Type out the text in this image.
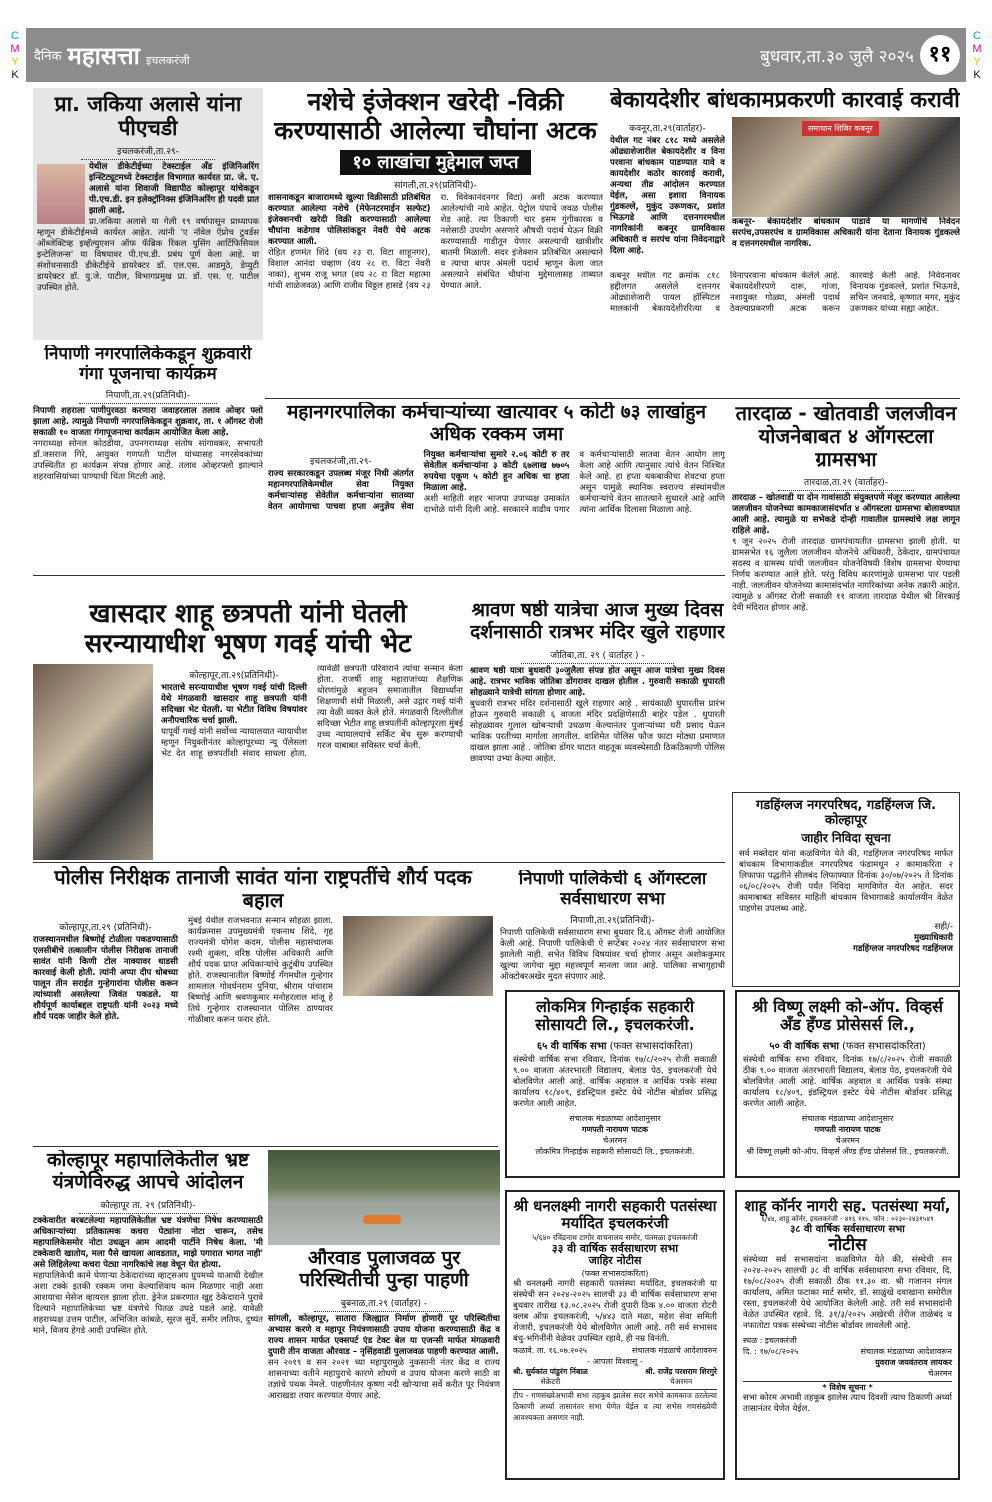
C
M
Y
K
C
M
Y
K
दैनिक महासत्ता इचलकरंजी	बुधवार,ता.३० जुलै २०२५ ११
प्रा. जकिया अलासे यांना पीएचडी
इचलकरंजी,ता.२९-
येथील डीकेटीईच्या टेक्स्टाईल अँड इंजिनिअरिंग इन्स्टिट्यूटमध्ये टेक्स्टाईल विभागात कार्यरत प्रा. जे. ए. अलासे यांना शिवाजी विद्यापीठ कोल्हापूर यांचेकडून पी.एच.डी. इन इलेक्ट्रॉनिक्स इंजिनिअरिंग ही पदवी प्रात झाली आहे.
प्रा.जकिया अलासे या गेली १९ वर्षापासून प्राध्यापक म्हणून डीकेटीईमध्ये कार्यरत आहेत. त्यांनी 'ए नॉवेल ऍप्रोच टुवर्डस ऑब्जेक्टिव्ह इव्हॅल्युएशन ऑफ फॅब्रिक रिंकल युसिंग आर्टिफिसियल इन्टेलिजन्स' या विषयावर पी.एच.डी. प्रबंध पूर्ण केला आहे. या संशोधनासाठी डीकेटीईचे डायरेक्टर डॉ. एल.एस. आडमुठे, डेप्युटी डायरेक्टर डॉ. यु.जे. पाटील, विभागप्रमुख प्रा. डॉ. एस. ए. पाटील उपस्थित होते.
निपाणी नगरपालिकेकडून शुक्रवारी गंगा पूजनाचा कार्यक्रम
निपाणी,ता.२९(प्रतिनिधी)-
निपाणी शहराला पाणीपुरवठा करणारा जवाहरलाल तलाव ओव्हर फ्लो झाला आहे. त्यामुळे निपाणी नगरपालिकेकडून शुक्रवार, ता. १ ऑगस्ट रोजी सकाळी १० वाजता गंगापूजनाचा कार्यक्रम आयोजित केला आहे.
नगराध्यक्ष सोनल कोठडीया, उपनगराध्यक्ष संतोष सांगावकर, सभापती डॉ.जसराज गिरे, आयुक्त गणपती पाटील यांच्यासह नगरसेवकांच्या उपस्थितीत हा कार्यक्रम संपन्न होणार आहे. तलाव ओव्हरफ्लो झाल्याने शहरवासियांच्या पाण्याची चिंता मिटली आहे.
नशेचे इंजेक्शन खरेदी -विक्री करण्यासाठी आलेल्या चौघांना अटक
१० लाखांचा मुद्देमाल जप्त
सांगली,ता.२९(प्रतिनिधी)-
शासनाकडून बाजारामध्ये खुल्या विक्रीसाठी प्रतिबंधित करण्यात आलेल्या नशेचे (मेफेनटरमाईन सल्फेट) इंजेक्शनची खरेदी विक्री करण्यासाठी आलेल्या चौघांना कडेगाव पोलिसांकडून नेवरी येथे अटक करण्यात आली.
रोहित हणमंत शिंदे (वय २३ रा. विटा शाहूनगर), विशाल आनंदा चव्हाण (वय २८ रा. विटा नेवरी नाका), शुभम राजू भगत (वय २८ रा विटा महात्मा गांधी शाळेजवळ) आणि राजीव विठ्ठल हासडे (वय २३ रा. विवेकानंदनगर विटा) अशी अटक करण्यात आलेल्यांची नावे आहेत. पेट्रोल पंपाचे जवळ पोलीस शेड आहे. त्या ठिकाणी चार इसम गुंगीकारक व नशेसाठी उपयोग असणारे औषधी पदार्थ घेऊन विक्री करण्यासाठी गाडीतून येणार असल्याची खात्रीशीर बातमी मिळाली. सदर इंजेक्शन प्रतिबंधित असल्याने व त्याचा बापर अंमली पदार्थ म्हणून केला जात असल्याने संबंधित चौघांना मुद्देमालासह ताब्यात घेण्यात आले.
बेकायदेशीर बांधकामप्रकरणी कारवाई करावी
कवनूर,ता.२९(वार्ताहर)-
येथील गट नंबर ८१८ मध्ये असलेले ओढ्याशेजारील बेकायदेशीर व विना परवाना बांधकाम पाडण्यात यावे व कायदेशीर कठोर कारवाई करावी, अन्यथा तीव्र आंदोलन करण्यात येईल, असा इशारा विनायक गुंडकल्ले, मुकुंद उरूणकर, प्रशांत भिऊगडे आणि दत्तनगरमधील नागरिकांनी कबनूर ग्रामविकास अधिकारी व सरपंच यांना निवेदनाद्वारे दिला आहे.
समाधान शिबिर कबनूर
कबनूर- बेकायदेशीर बांधकाम पाडावे या मागणीचे निवेदन सरपंच,उपसरपंच व ग्रामविकास अधिकारी यांना देताना विनायक गुंडकल्ले व दत्तनगरमधील नागरिक.
कबनूर मधील गट क्रमांक ८१८ हद्दीलगत असलेले दत्तनगर ओढ्याशेजारी पायल हॉस्पिटल मालकांनी बेकायदेशीररित्या व विनापरवाना बांधकाम केलेले आहे. बेकायदेशीरपणे दारू, गांजा, नशायुक्त गोळ्या, अंमली पदार्थ ठेवल्याप्रकरणी अटक करून कारवाई केली आहे. निवेदनावर विनायक गुंडकल्ले, प्रशांत भिऊगडे, सचिन जनवाडे, कृष्णात मगर, मुकुंद उरूणकर यांच्या सह्या आहेत.
महानगरपालिका कर्मचाऱ्यांच्या खात्यावर ५ कोटी ७३ लाखांहुन अधिक रक्कम जमा
इचलकरंजी,ता.२९-
राज्य सरकारकडून उपलब्ध मंजूर निधी अंतर्गत महानगरपालिकेमधील सेवा नियुक्त कर्मचाऱ्यांसह सेवेतील कर्मचाऱ्यांना सातव्या वेतन आयोगाचा पाचवा हप्ता अनुज्ञेय सेवा नियुक्त कर्मचाऱ्यांचा सुमारे २.०६ कोटी रु तर सेवेतील कर्मचाऱ्यांना ३ कोटी ६७लाख ७७०५ रुपयेचा एकूण ५ कोटी हून अधिक चा हप्ता मिळाला आहे.
अशी माहिती शहर भाजपा उपाध्यक्ष उमाकांत दाभोळे यांनी दिली आहे. सरकारने वाढीव पगार व कर्मचाऱ्यांसाठी सातवा वेतन आयोग लागू केला आहे आणि त्यानुसार त्यांचे वेतन निश्चित केले आहे. हा हप्ता थकबाकीचा शेवटचा हप्ता असून यामुळे स्थानिक स्वराज्य संस्थांमधील कर्मचाऱ्यांचे वेतन सातत्याने सुधारले आहे आणि त्यांना आर्थिक दिलासा मिळाला आहे.
तारदाळ - खोतवाडी जलजीवन योजनेबाबत ४ ऑगस्टला ग्रामसभा
तारदाळ,ता.२९ (वार्ताहर)-
तारदाळ – खोतवाडी या दोन गावांसाठी संयुक्तपणे मंजूर करण्यात आलेल्या जलजीवन योजनेच्या कामकाजासंदर्भात ४ ऑगस्टला ग्रामसभा बोलावण्यात आली आहे. त्यामुळे या सभेकडे दोन्ही गावातील ग्रामस्थांचे लक्ष लागून राहिले आहे.
९ जून २०२५ रोजी तारदाळ ग्रामपंचायतीत ग्रामसभा झाली होती. या ग्रामसभेत १६ जुलैला जलजीवन योजनेचे अधिकारी, ठेकेदार, ग्रामपंचायत सदस्य व ग्रामस्थ यांची जलजीवन योजनेविषयी विशेष ग्रामसभा घेण्याचा निर्णय करण्यात आले होते. परंतु विविध कारणांमुळे ग्रामसभा पार पडली नाही. जलजीवन योजनेच्या कामासंदर्भात नागरिकांच्या अनेक तक्रारी आहेत. त्यामुळे ४ ऑगस्ट रोजी सकाळी ११ वाजता तारदाळ येथील श्री शिरकाई देवी मंदिरात होणार आहे.
खासदार शाहू छत्रपती यांनी घेतली सरन्यायाधीश भूषण गवई यांची भेट
कोल्हापूर,ता.२९(प्रतिनिधी)-
भारताचे सरन्यायाधीश भूषण गवई यांची दिल्ली येथे मंगळवारी खासदार शाहू छत्रपती यांनी सदिच्छा भेट घेतली. या भेटीत विविध विषयांवर अनौपचारिक चर्चा झाली.
यापूर्वी गवई यांनी सर्वोच्च न्यायालयात न्यायाधीश म्हणून नियुक्तीनंतर कोल्हापूरच्या न्यू पॅलेसला भेट देत शाहू छत्रपतींशी संवाद साधला होता. त्यावेळी छत्रपती परिवाराने त्यांचा सन्मान केला होता. राजर्षी शाहू महाराजांच्या शैक्षणिक धोरणांमुळे बहुजन समाजातील विद्यार्थ्यांना शिक्षणाची संधी मिळाली, असे उद्गार गवई यांनी त्या वेळी व्यक्त केले होते. मंगळवारी दिल्लीतील सदिच्छा भेटीत शाहू छत्रपतींनी कोल्हापूरला मुंबई उच्च न्यायालयाचे सर्किट बेंच सुरू करण्याची गरज याबाबत सविस्तर चर्चा केली.
श्रावण षष्ठी यात्रेचा आज मुख्य दिवस दर्शनासाठी रात्रभर मंदिर खुले राहणार
जोतिबा,ता. २९ ( वार्ताहर ) -
श्रावण षष्ठी यात्रा बुधवारी ३०जुलैला संपन्न होत असून आज यात्रेचा मुख्य दिवस आहे. रात्रभर भाविक जोतिबा डोंगरावर दाखल होतील . गुरुवारी सकाळी धुपारती सोहळ्याने यात्रेची सांगता होणार आहे.
बुधवारी रात्रभर मंदिर दर्शनासाठी खुले राहणार आहे . सायंकाळी धुपारतीस प्रारंभ होऊन गुरुवारी सकाळी ६ वाजता मंदिर प्रदक्षिणेसाठी बाहेर पडेल . धुपारती सोहळ्यावर गुलाल खोबऱ्याची उधळण केल्यानंतर पुजाऱ्यांच्या घरी प्रसाद घेऊन भाविक परतीच्या मार्गाला लागतील. वाशिमेत पोलिस फौज फाटा मोठ्या प्रमाणात दाखल झाला आहे . जोतिबा डोंगर घाटात वाहतूक व्यवस्थेसाठी ठिकठिकाणी पोलिस छावण्या उभ्या केल्या आहेत.
गडहिंग्लज नगरपरिषद, गडहिंग्लज जि. कोल्हापूर
जाहीर निविदा सूचना
सर्व मक्तेदार यांना कळविणेत येते की, गडहिंग्लज नगरपरिषद मार्फत बांधकाम विभागाकडील नगरपरिषद फंडामधून २ कामाकरिता २ लिफाफा पद्धतीने सीलबंद लिफाफ्यात दिनांक ३०/०७/२०२५ ते दिनांक ०६/०८/२०२५ रोजी पर्यंत निविदा मागविणेत येत आहेत. सदर कामाबाबत सविस्तर माहिती बांधकाम विभागाकडे कार्यालयीन वेळेत पाहणेस उपलब्ध आहे.
सही/-
मुख्याधिकारी
गडहिंग्लज नगरपरिषद गडहिंग्लज
पोलीस निरीक्षक तानाजी सावंत यांना राष्ट्रपतींचे शौर्य पदक बहाल
कोल्हापूर,ता.२९ (प्रतिनिधी)-
राजस्थानमधील बिष्णोई टोळीला पकडण्यासाठी एलसीबीचे तत्कालीन पोलीस निरीक्षक तानाजी सावंत यांनी किणी टोल नाक्यावर धाडसी कारवाई केली होती. त्यांनी अप्पा दीप धोबच्या पालून तीन सराईत गुन्हेगारांना पोलीस करून त्यांच्याशी असलेल्या जिवंत पकडले. या शौर्यपूर्ण कार्याबद्दल राष्ट्रपती यांनी २०२३ मध्ये शौर्य पदक जाहीर केले होते.
मुंबई येथील राजभवनात सन्मान सोहळा झाला. कार्यक्रमास उपमुख्यमंत्री एकनाथ शिंदे, गृह राज्यमंत्री योगेश कदम, पोलीस महासंचालक रश्मी शुक्ला, वरिष्ठ पोलीस अधिकारी आणि शौर्य पदक प्राप्त अधिकाऱ्यांचे कुटुंबीय उपस्थित होते. राजस्थानातील बिष्णोई गँगमधील गुन्हेगार शामलाल गोवर्धनराम पुनिया, श्रीराम पांचाराम बिष्णोई आणि श्रवणकुमार मनोहरलाल मांजू हे तिघे गुन्हेगार राजस्थानात पोलिस ठाण्यावर गोळीबार करून फरार होते.
निपाणी पालिकेची ६ ऑगस्टला सर्वसाधारण सभा
निपाणी,ता.२९(प्रतिनिधी)-
निपाणी पालिकेची सर्वसाधारण सभा बुधवार दि.६ ऑगस्ट रोजी आयोजित केली आहे. निपाणी पालिकेची ऐ सप्टेंबर २०२४ नंतर सर्वसाधारण सभा झालेली नाही. सभेत विविध विषयांवर चर्चा होणार असून अशोककुमार खुल्या जागेचा मुद्दा महत्त्वपूर्ण मानला जात आहे. पालिका सभागृहाची ऑक्टोबरअखेर मुदत संपणार आहे.
लोकमित्र गिन्हाईक सहकारी सोसायटी लि., इचलकरंजी.
६५ वी वार्षिक सभा (फक्त सभासदांकरिता)
संस्थेची वार्षिक सभा रविवार, दिनांक १७/८/२०२५ रोजी सकाळी ९.०० वाजता अंतरभारती विद्यालय, बेलाड पेठ, इचलकरंजी येथे बोलविणेत आली आहे. वार्षिक अहवाल व आर्थिक पत्रके संस्था कार्यालय १८/४०९, इंडस्ट्रियल इस्टेट येथे नोटीस बोर्डावर प्रसिद्ध करणेत आली आहेत.
संचालक मंडळाच्या आदेशानुसार
गणपती नारायण पाटक
चेअरमन
लोकमित्र गिन्हाईक सहकारी सोसायटी लि., इचलकरंजी.
श्री विष्णू लक्ष्मी को-ऑप. विव्हर्स अँड हँण्ड प्रोसेसर्स लि.,
५० वी वार्षिक सभा (फक्त सभासदांकरिता)
संस्थेची वार्षिक सभा रविवार, दिनांक १७/८/२०२५ रोजी सकाळी ठीक ९.०० वाजता अंतरभारती विद्यालय, बेलाड पेठ, इचलकरंजी येथे बोलविणेत आली आहे. वार्षिक अहवाल व आर्थिक पत्रके संस्था कार्यालय १८/४०९, इंडस्ट्रियल इस्टेट येथे नोटीस बोर्डावर प्रसिद्ध करणेत आली आहेत.
संचालक मंडळाच्या आदेशानुसार
गणपती नारायण पाटक
चेअरमन
श्री विष्णू लक्ष्मी को-ऑप. विव्हर्स अँण्ड हँण्ड प्रोसेसर्स लि., इचलकरंजी.
कोल्हापूर महापालिकेतील भ्रष्ट यंत्रणेविरुद्ध आपचे आंदोलन
कोल्हापूर ता. २९ (प्रतिनिधी)-
टक्केवारीत बरबटलेल्या महापालिकेतील भ्रष्ट यंत्रणेचा निषेध करण्यासाठी अधिकाऱ्यांच्या प्रतिकात्मक कचरा पेट्यांना नोटा चारून, तसेच महापालिकेसमोर नोटा उधळून आम आदमी पार्टीने निषेध केला. 'मी टक्केवारी खातोय, मला पैसे खायला आवडतात, माझे पगारात भागत नाही' असे लिहिलेल्या कचरा पेट्या नागरिकांचे लक्ष वेधून घेत होत्या.
महापालिकेची कामे घेणाऱ्या ठेकेदारांच्या व्हाट्सअप ग्रुपमध्ये याआधी देखील अशा टक्के इतकी रक्कम जमा केल्याशिवाय काम मिळणार नाही अशा आशयाचा मेसेज व्हायरल झाला होता. ड्रेनेज प्रकरणात खुद्द ठेकेदाराने पुरावे दिल्याने महापालिकेच्या भ्रष्ट यंत्रणेचे पितळ उघडे पडले आहे. यावेळी शहराध्यक्ष उत्तम पाटील, अभिजित कांबळे, सूरज सुर्वे, समीर लतिफ, दुष्यंत माने, विजय हेगडे आदी उपस्थित होते.
औरवाड पुलाजवळ पुर परिस्थितीची पुन्हा पाहणी
बुबनाळ,ता.२९ (वार्ताहर) -
सांगली, कोल्हापूर, सातारा जिल्ह्यात निर्माण होणारी पूर परिस्थितीचा अभ्यास करणे व महापूर नियंत्रणासाठी उपाय योजना करण्यासाठी केंद्र व राज्य शासन मार्फत एक्सपर्ट एंड टेक्ट बेल या एजन्सी मार्फत मंगळवारी दुपारी तीन वाजता औरवाड – नृसिंहवाडी पुलाजवळ पाहणी करण्यात आली.
सन २०१९ व सन २०२१ च्या महापुरामुळे नुकसानी नंतर केंद्र व राज्य शासनाच्या वतीने महापुराचे कारणे शोधणे व उपाय योजना करणे साठी वा तज्ञांचे पथक नेमले. पाहणीनंतर कृष्णा नदी खोऱ्याचा सर्वे करीत पूर नियंत्रण आराखडा तयार करण्यात येणार आहे.
श्री धनलक्ष्मी नागरी सहकारी पतसंस्था मर्यादित इचलकरंजी
५/६४० रविंद्रनाथ टागोर वाचनालय समोर, पंतमळा इचलकरंजी
३३ वी वार्षिक सर्वसाधारण सभा
जाहिर नोटीस
(फक्त सभासदांकरिता)
श्री धनलक्ष्मी नागरी सहकारी पतसंस्था मर्यादित, इचलकरंजी या संस्थेची सन २०२४-२०२५ सालची ३३ वी वार्षिक सर्वसाधारण सभा बुधवार तारीख १३.०८.२०२५ रोजी दुपारी ठिक ४.०० वाजता रोटरी क्लब ऑफ इचलकरंजी, ५/४४३ दाते मळा, महेश सेवा समिती शेजारी, इचलकरंजी येथे बोलविणेत आली आहे. तरी सर्व सभासद बंधु-भगिनींनी वेळेवर उपस्थित रहावे, ही नम्र विनंती.
कळावे. ता. १६.०७.२०२५	संचालक मंडळाचे आदेशावरुन
- आपला विश्वासू -
श्री. सुर्यकांत पांडुरंग निंबाळ
सेक्रेटरी
श्री. राजेंद्र परशराम शिरगुरे
चेअरमन
टीप - गणसंख्येअभावी सभा तहकूब झालेस सदर सभेचे कामकाज ठरलेल्या ठिकाणी अर्ध्या तासानंतर सभा घेणेत येईल व त्या सभेस गणसंख्येची आवश्यकता असणार नाही.
शाहू कॉर्नर नागरी सह. पतसंस्था मर्या,
६/४४, शाहू कॉर्नर, इचलकरंजी - ४१६ ११५. फोन : ०२३०-२४३१५४९
३८ वी वार्षिक सर्वसाधारण सभा
नोटीस
संस्थेच्या सर्व सभासदांना कळविणेत येते की, संस्थेची सन २०२४-२०२५ सालची ३८ वी वार्षिक सर्वसाधारण सभा रविवार, दि. १७/०८/२०२५ रोजी सकाळी ठीक ११.३० वा. श्री गजानन मंगल कार्यालय, अमित फटाका मार्ट समोर, डॉ. साळुंखे दवाखाना समोरील रस्ता, इचलकरंजी येथे आयोजित केलेली आहे. तरी सर्व सभासदांनी वेळेत उपस्थित रहावे. दि. ३१/३/२०२५ अखेरची तेरीज ताळेबंद व नफातोटा पत्रक संस्थेच्या नोटीस बोर्डावर लावलेली आहे.
स्थळ : इचलकरंजी
दि. : १७/०८/२०२५	संचालक मंडळाच्या आदेशावरून
युवराज जयवंतराव लायकर
चेअरमन
* विशेष सूचना *
सभा कोरम अभावी तहकूब झालेस त्याच दिवशी त्याच ठिकाणी अर्ध्या तासानंतर घेणेत येईल.
